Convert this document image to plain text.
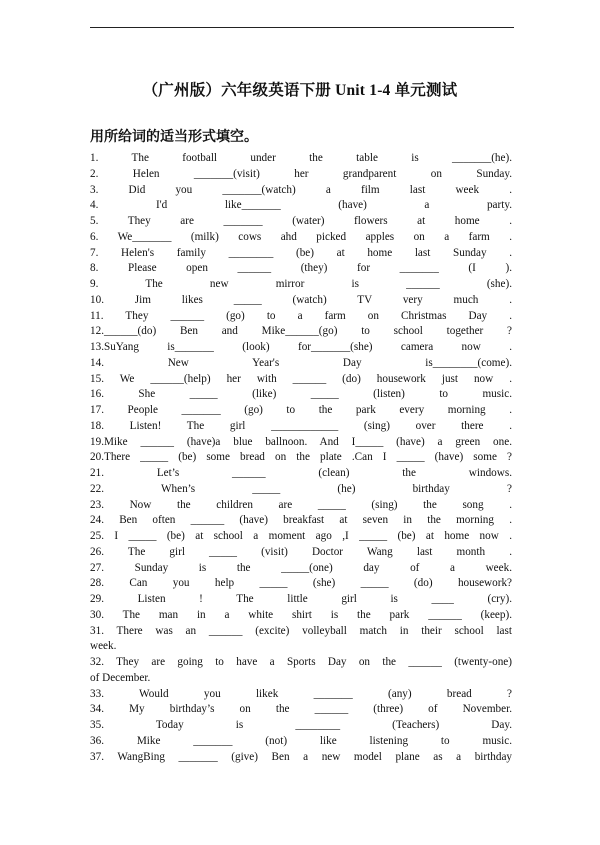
（广州版）六年级英语下册 Unit 1-4 单元测试
用所给词的适当形式填空。
1. The football under the table is _______(he).
2. Helen _______(visit) her grandparent on Sunday.
3. Did you _______(watch) a film last week .
4. I'd like_______ (have) a party.
5. They are _______ (water) flowers at home .
6. We_______ (milk) cows ahd picked apples on a farm .
7. Helen's family ________ (be) at home last Sunday .
8. Please open ______ (they) for _______ (I ).
9. The new mirror is ______ (she).
10. Jim likes _____ (watch) TV very much .
11. They ______ (go) to a farm on Christmas Day .
12.______(do) Ben and Mike______(go) to school together ?
13.SuYang is_______ (look) for_______(she) camera now .
14. New Year's Day is________(come).
15. We ______(help) her with ______ (do) housework just now .
16. She _____ (like) _____ (listen) to music.
17. People _______ (go) to the park every morning .
18. Listen! The girl ____________ (sing) over there .
19.Mike ______ (have)a blue ballnoon. And I_____ (have) a green one.
20.There _____ (be) some bread on the plate .Can I _____ (have) some ?
21. Let’s ______ (clean) the windows.
22. When’s _____ (he) birthday ?
23. Now the children are _____ (sing) the song .
24. Ben often ______ (have) breakfast at seven in the morning .
25. I _____ (be) at school a moment ago ,I _____ (be) at home now .
26. The girl _____ (visit) Doctor Wang last month .
27. Sunday is the _____(one) day of a week.
28. Can you help _____ (she) _____ (do) housework?
29. Listen ! The little girl is ____ (cry).
30. The man in a white shirt is the park ______ (keep).
31. There was an ______ (excite) volleyball match in their school last
week.
32. They are going to have a Sports Day on the ______ (twenty-one)
of December.
33. Would you likek _______ (any) bread ?
34. My birthday’s on the ______ (three) of November.
35. Today is ________ (Teachers) Day.
36. Mike _______ (not) like listening to music.
37. WangBing _______ (give) Ben a new model plane as a birthday
